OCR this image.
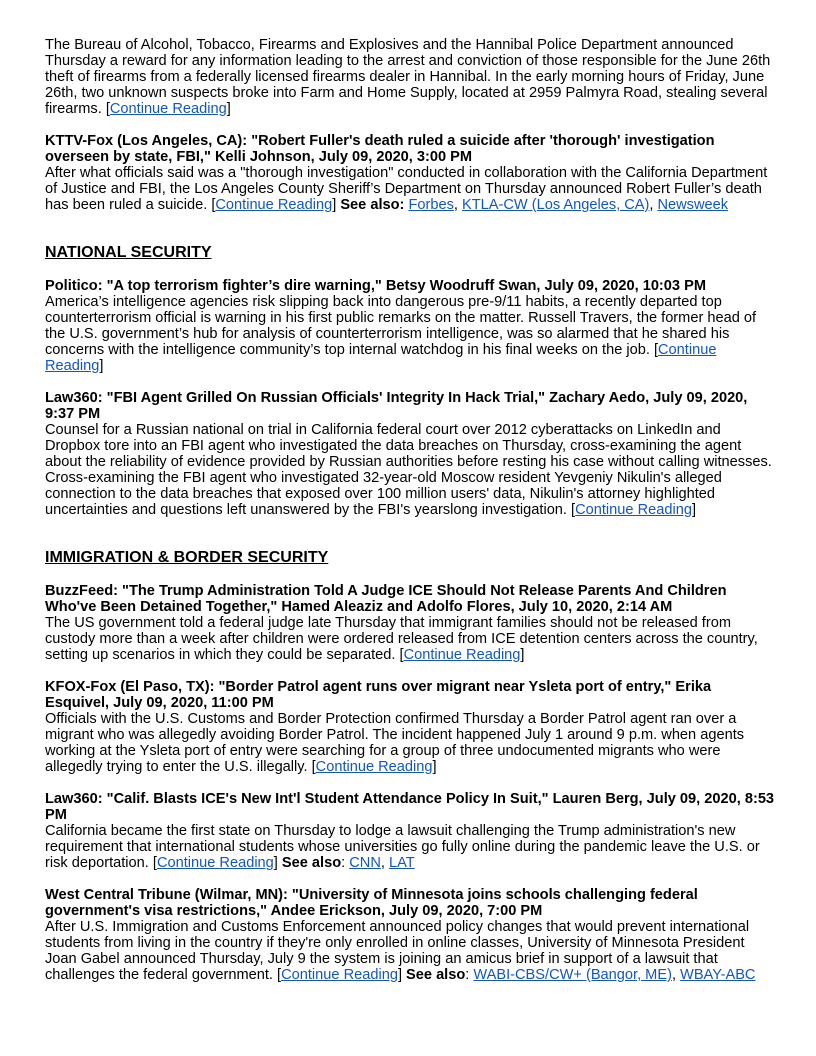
The Bureau of Alcohol, Tobacco, Firearms and Explosives and the Hannibal Police Department announced Thursday a reward for any information leading to the arrest and conviction of those responsible for the June 26th theft of firearms from a federally licensed firearms dealer in Hannibal. In the early morning hours of Friday, June 26th, two unknown suspects broke into Farm and Home Supply, located at 2959 Palmyra Road, stealing several firearms. [Continue Reading]

KTTV-Fox (Los Angeles, CA): "Robert Fuller's death ruled a suicide after 'thorough' investigation overseen by state, FBI," Kelli Johnson, July 09, 2020, 3:00 PM

After what officials said was a "thorough investigation" conducted in collaboration with the California Department of Justice and FBI, the Los Angeles County Sheriff’s Department on Thursday announced Robert Fuller’s death has been ruled a suicide. [Continue Reading] See also: Forbes, KTLA-CW (Los Angeles, CA), Newsweek

NATIONAL SECURITY

Politico: "A top terrorism fighter’s dire warning," Betsy Woodruff Swan, July 09, 2020, 10:03 PM

America’s intelligence agencies risk slipping back into dangerous pre-9/11 habits, a recently departed top counterterrorism official is warning in his first public remarks on the matter. Russell Travers, the former head of the U.S. government’s hub for analysis of counterterrorism intelligence, was so alarmed that he shared his concerns with the intelligence community’s top internal watchdog in his final weeks on the job. [Continue Reading]

Law360: "FBI Agent Grilled On Russian Officials' Integrity In Hack Trial," Zachary Aedo, July 09, 2020, 9:37 PM

Counsel for a Russian national on trial in California federal court over 2012 cyberattacks on LinkedIn and Dropbox tore into an FBI agent who investigated the data breaches on Thursday, cross-examining the agent about the reliability of evidence provided by Russian authorities before resting his case without calling witnesses. Cross-examining the FBI agent who investigated 32-year-old Moscow resident Yevgeniy Nikulin's alleged connection to the data breaches that exposed over 100 million users' data, Nikulin's attorney highlighted uncertainties and questions left unanswered by the FBI's yearslong investigation. [Continue Reading]

IMMIGRATION & BORDER SECURITY

BuzzFeed: "The Trump Administration Told A Judge ICE Should Not Release Parents And Children Who've Been Detained Together," Hamed Aleaziz and Adolfo Flores, July 10, 2020, 2:14 AM

The US government told a federal judge late Thursday that immigrant families should not be released from custody more than a week after children were ordered released from ICE detention centers across the country, setting up scenarios in which they could be separated. [Continue Reading]

KFOX-Fox (El Paso, TX): "Border Patrol agent runs over migrant near Ysleta port of entry," Erika Esquivel, July 09, 2020, 11:00 PM

Officials with the U.S. Customs and Border Protection confirmed Thursday a Border Patrol agent ran over a migrant who was allegedly avoiding Border Patrol. The incident happened July 1 around 9 p.m. when agents working at the Ysleta port of entry were searching for a group of three undocumented migrants who were allegedly trying to enter the U.S. illegally. [Continue Reading]

Law360: "Calif. Blasts ICE's New Int'l Student Attendance Policy In Suit," Lauren Berg, July 09, 2020, 8:53 PM

California became the first state on Thursday to lodge a lawsuit challenging the Trump administration's new requirement that international students whose universities go fully online during the pandemic leave the U.S. or risk deportation. [Continue Reading] See also: CNN, LAT

West Central Tribune (Wilmar, MN): "University of Minnesota joins schools challenging federal government's visa restrictions," Andee Erickson, July 09, 2020, 7:00 PM

After U.S. Immigration and Customs Enforcement announced policy changes that would prevent international students from living in the country if they're only enrolled in online classes, University of Minnesota President Joan Gabel announced Thursday, July 9 the system is joining an amicus brief in support of a lawsuit that challenges the federal government. [Continue Reading] See also: WABI-CBS/CW+ (Bangor, ME), WBAY-ABC
